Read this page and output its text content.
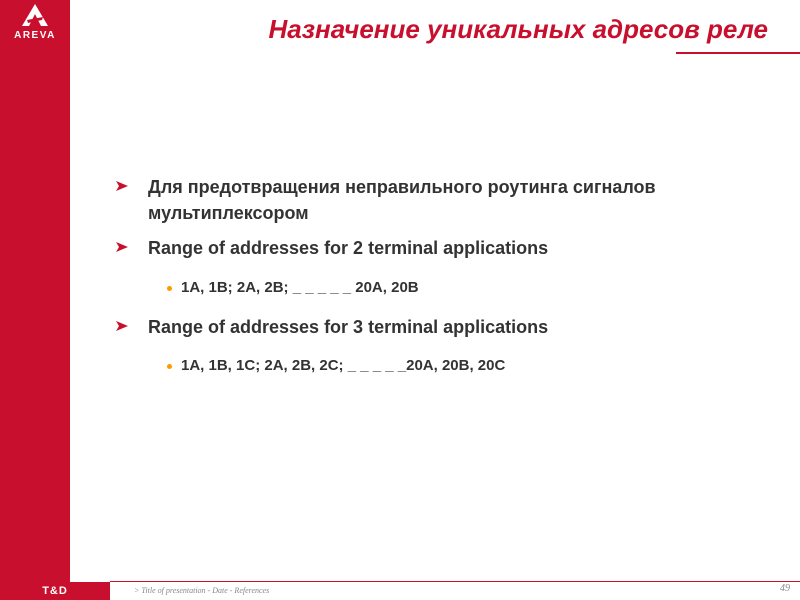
AREVA	Назначение уникальных адресов реле
Для предотвращения неправильного роутинга сигналов мультиплексором
Range of addresses for 2 terminal applications
1A, 1B; 2A, 2B; _ _ _ _ _ 20A, 20B
Range of addresses for 3 terminal applications
1A, 1B, 1C; 2A, 2B, 2C; _ _ _ _ _20A, 20B, 20C
T&D	> Title of presentation - Date - References	49
